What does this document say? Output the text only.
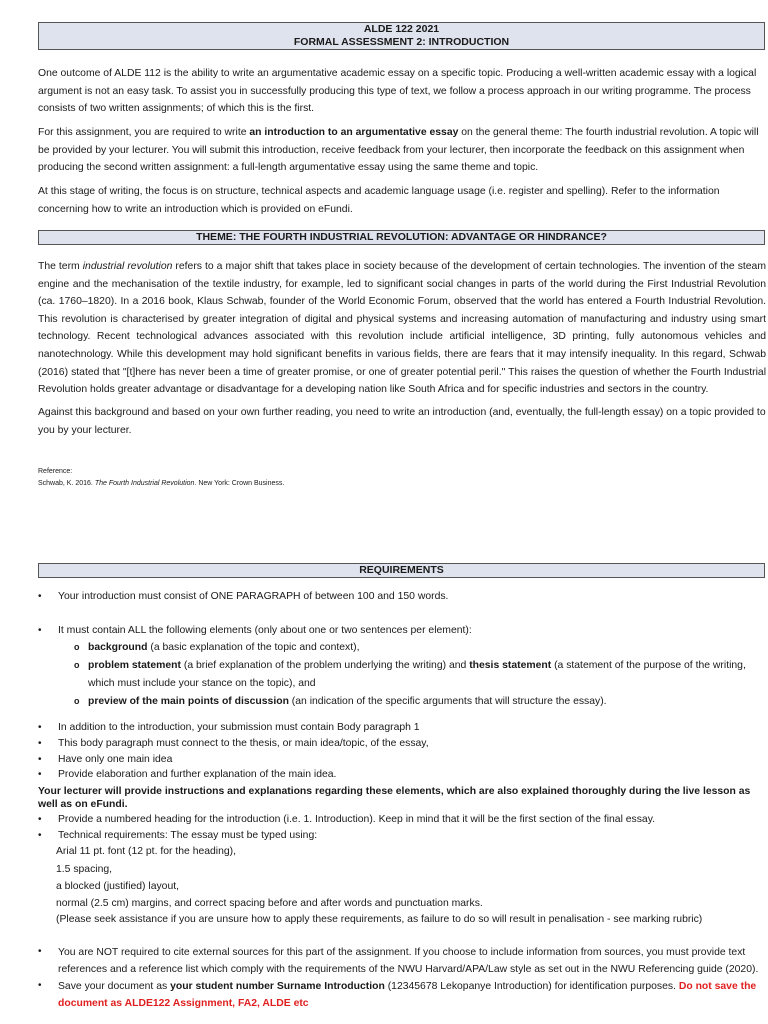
ALDE 122 2021
FORMAL ASSESSMENT 2: INTRODUCTION

One outcome of ALDE 112 is the ability to write an argumentative academic essay on a specific topic. Producing a well-written academic essay with a logical argument is not an easy task. To assist you in successfully producing this type of text, we follow a process approach in our writing programme. The process consists of two written assignments; of which this is the first.

For this assignment, you are required to write an introduction to an argumentative essay on the general theme: The fourth industrial revolution. A topic will be provided by your lecturer. You will submit this introduction, receive feedback from your lecturer, then incorporate the feedback on this assignment when producing the second written assignment: a full-length argumentative essay using the same theme and topic.

At this stage of writing, the focus is on structure, technical aspects and academic language usage (i.e. register and spelling). Refer to the information concerning how to write an introduction which is provided on eFundi.

THEME: THE FOURTH INDUSTRIAL REVOLUTION: ADVANTAGE OR HINDRANCE?

The term industrial revolution refers to a major shift that takes place in society because of the development of certain technologies. The invention of the steam engine and the mechanisation of the textile industry, for example, led to significant social changes in parts of the world during the First Industrial Revolution (ca. 1760–1820). In a 2016 book, Klaus Schwab, founder of the World Economic Forum, observed that the world has entered a Fourth Industrial Revolution. This revolution is characterised by greater integration of digital and physical systems and increasing automation of manufacturing and industry using smart technology. Recent technological advances associated with this revolution include artificial intelligence, 3D printing, fully autonomous vehicles and nanotechnology. While this development may hold significant benefits in various fields, there are fears that it may intensify inequality. In this regard, Schwab (2016) stated that "[t]here has never been a time of greater promise, or one of greater potential peril." This raises the question of whether the Fourth Industrial Revolution holds greater advantage or disadvantage for a developing nation like South Africa and for specific industries and sectors in the country.

Against this background and based on your own further reading, you need to write an introduction (and, eventually, the full-length essay) on a topic provided to you by your lecturer.

Reference:
Schwab, K. 2016. The Fourth Industrial Revolution. New York: Crown Business.
REQUIREMENTS
• Your introduction must consist of ONE PARAGRAPH of between 100 and 150 words.
• It must contain ALL the following elements (only about one or two sentences per element):
o background (a basic explanation of the topic and context),
o problem statement (a brief explanation of the problem underlying the writing) and thesis statement (a statement of the purpose of the writing, which must include your stance on the topic), and
o preview of the main points of discussion (an indication of the specific arguments that will structure the essay).
• In addition to the introduction, your submission must contain Body paragraph 1
• This body paragraph must connect to the thesis, or main idea/topic, of the essay,
• Have only one main idea
• Provide elaboration and further explanation of the main idea.
Your lecturer will provide instructions and explanations regarding these elements, which are also explained thoroughly during the live lesson as well as on eFundi.
• Provide a numbered heading for the introduction (i.e. 1. Introduction). Keep in mind that it will be the first section of the final essay.
• Technical requirements: The essay must be typed using:
Arial 11 pt. font (12 pt. for the heading),
1.5 spacing,
a blocked (justified) layout,
normal (2.5 cm) margins, and correct spacing before and after words and punctuation marks.
(Please seek assistance if you are unsure how to apply these requirements, as failure to do so will result in penalisation - see marking rubric)
• You are NOT required to cite external sources for this part of the assignment. If you choose to include information from sources, you must provide text references and a reference list which comply with the requirements of the NWU Harvard/APA/Law style as set out in the NWU Referencing guide (2020).
• Save your document as your student number Surname Introduction (12345678 Lekopanye Introduction) for identification purposes. Do not save the document as ALDE122 Assignment, FA2, ALDE etc
